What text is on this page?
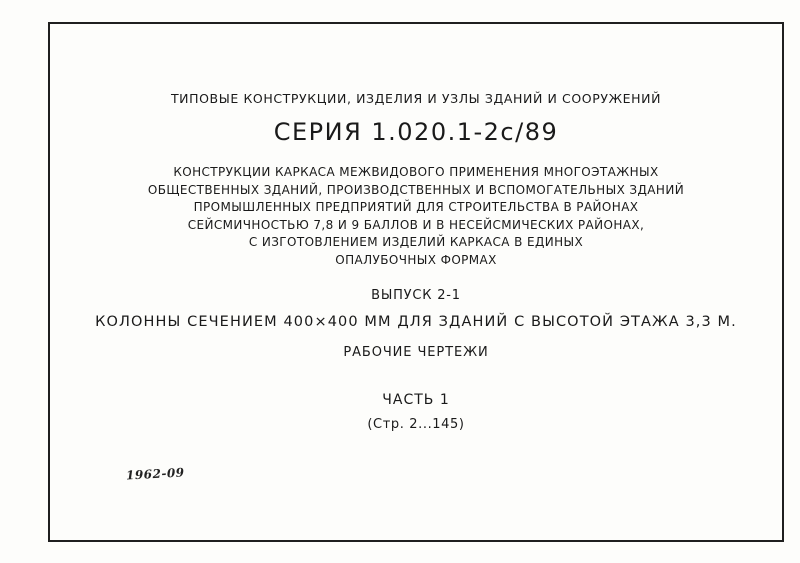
ТИПОВЫЕ КОНСТРУКЦИИ, ИЗДЕЛИЯ И УЗЛЫ ЗДАНИЙ И СООРУЖЕНИЙ
СЕРИЯ 1.020.1-2с/89
КОНСТРУКЦИИ КАРКАСА МЕЖВИДОВОГО ПРИМЕНЕНИЯ МНОГОЭТАЖНЫХ
ОБЩЕСТВЕННЫХ ЗДАНИЙ, ПРОИЗВОДСТВЕННЫХ И ВСПОМОГАТЕЛЬНЫХ ЗДАНИЙ
ПРОМЫШЛЕННЫХ ПРЕДПРИЯТИЙ ДЛЯ СТРОИТЕЛЬСТВА В РАЙОНАХ
СЕЙСМИЧНОСТЬЮ 7,8 И 9 БАЛЛОВ И В НЕСЕЙСМИЧЕСКИХ РАЙОНАХ,
С ИЗГОТОВЛЕНИЕМ ИЗДЕЛИЙ КАРКАСА В ЕДИНЫХ
ОПАЛУБОЧНЫХ ФОРМАХ
ВЫПУСК 2-1
КОЛОННЫ СЕЧЕНИЕМ 400×400 ММ ДЛЯ ЗДАНИЙ С ВЫСОТОЙ ЭТАЖА 3,3 М.
РАБОЧИЕ ЧЕРТЕЖИ
ЧАСТЬ 1
(Стр. 2...145)
1962-09
